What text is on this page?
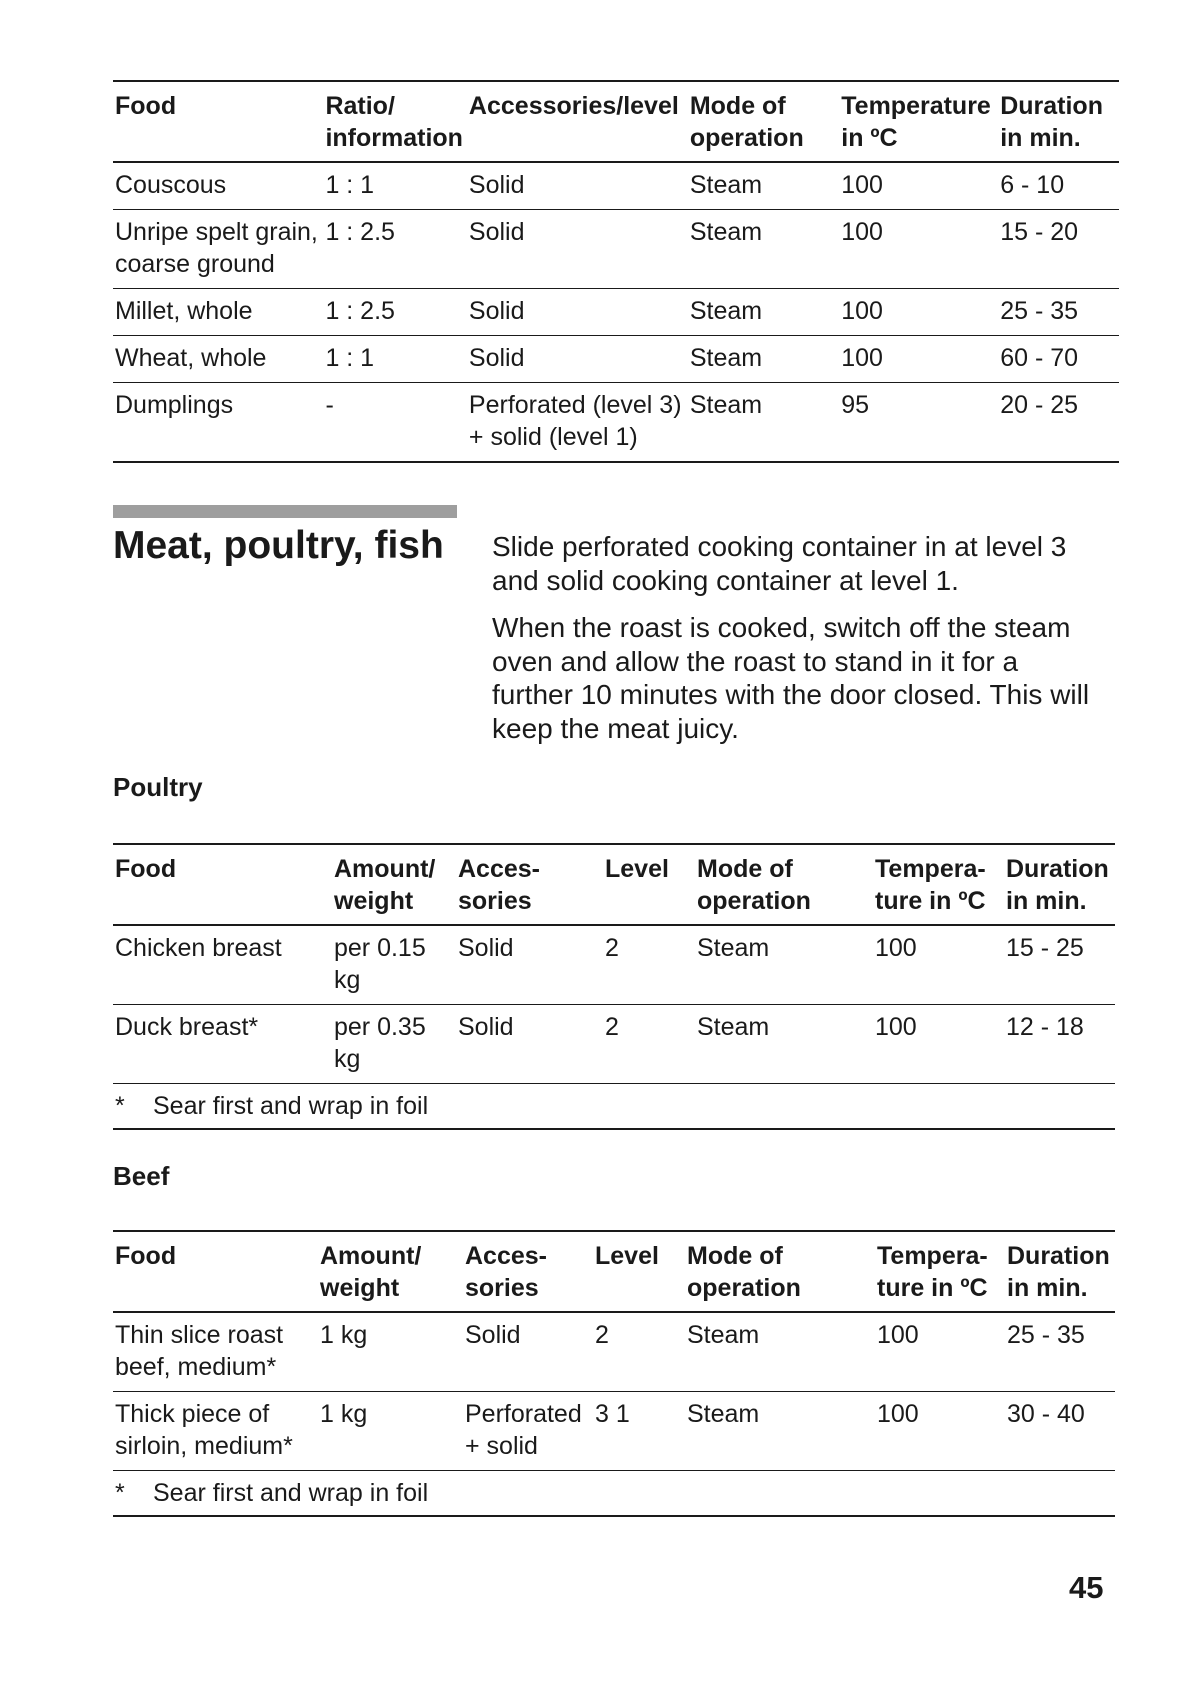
Food	Ratio/ information	Accessories/level	Mode of operation	Temperature in ºC	Duration in min.
Couscous	1 : 1	Solid	Steam	100	6 - 10
Unripe spelt grain, coarse ground	1 : 2.5	Solid	Steam	100	15 - 20
Millet, whole	1 : 2.5	Solid	Steam	100	25 - 35
Wheat, whole	1 : 1	Solid	Steam	100	60 - 70
Dumplings	-	Perforated (level 3) + solid (level 1)	Steam	95	20 - 25
Meat, poultry, fish Slide perforated cooking container in at level 3 and solid cooking container at level 1.

When the roast is cooked, switch off the steam oven and allow the roast to stand in it for a further 10 minutes with the door closed. This will keep the meat juicy.

Poultry
Food	Amount/ weight	Acces- sories	Level	Mode of operation	Tempera- ture in ºC	Duration in min.
Chicken breast	per 0.15 kg	Solid	2	Steam	100	15 - 25
Duck breast*	per 0.35 kg	Solid	2	Steam	100	12 - 18
* Sear first and wrap in foil						
Beef
Food	Amount/ weight	Acces- sories	Level	Mode of operation	Tempera- ture in ºC	Duration in min.
Thin slice roast beef, medium*	1 kg	Solid	2	Steam	100	25 - 35
Thick piece of sirloin, medium*	1 kg	Perforated + solid	3 1	Steam	100	30 - 40
* Sear first and wrap in foil						
45
